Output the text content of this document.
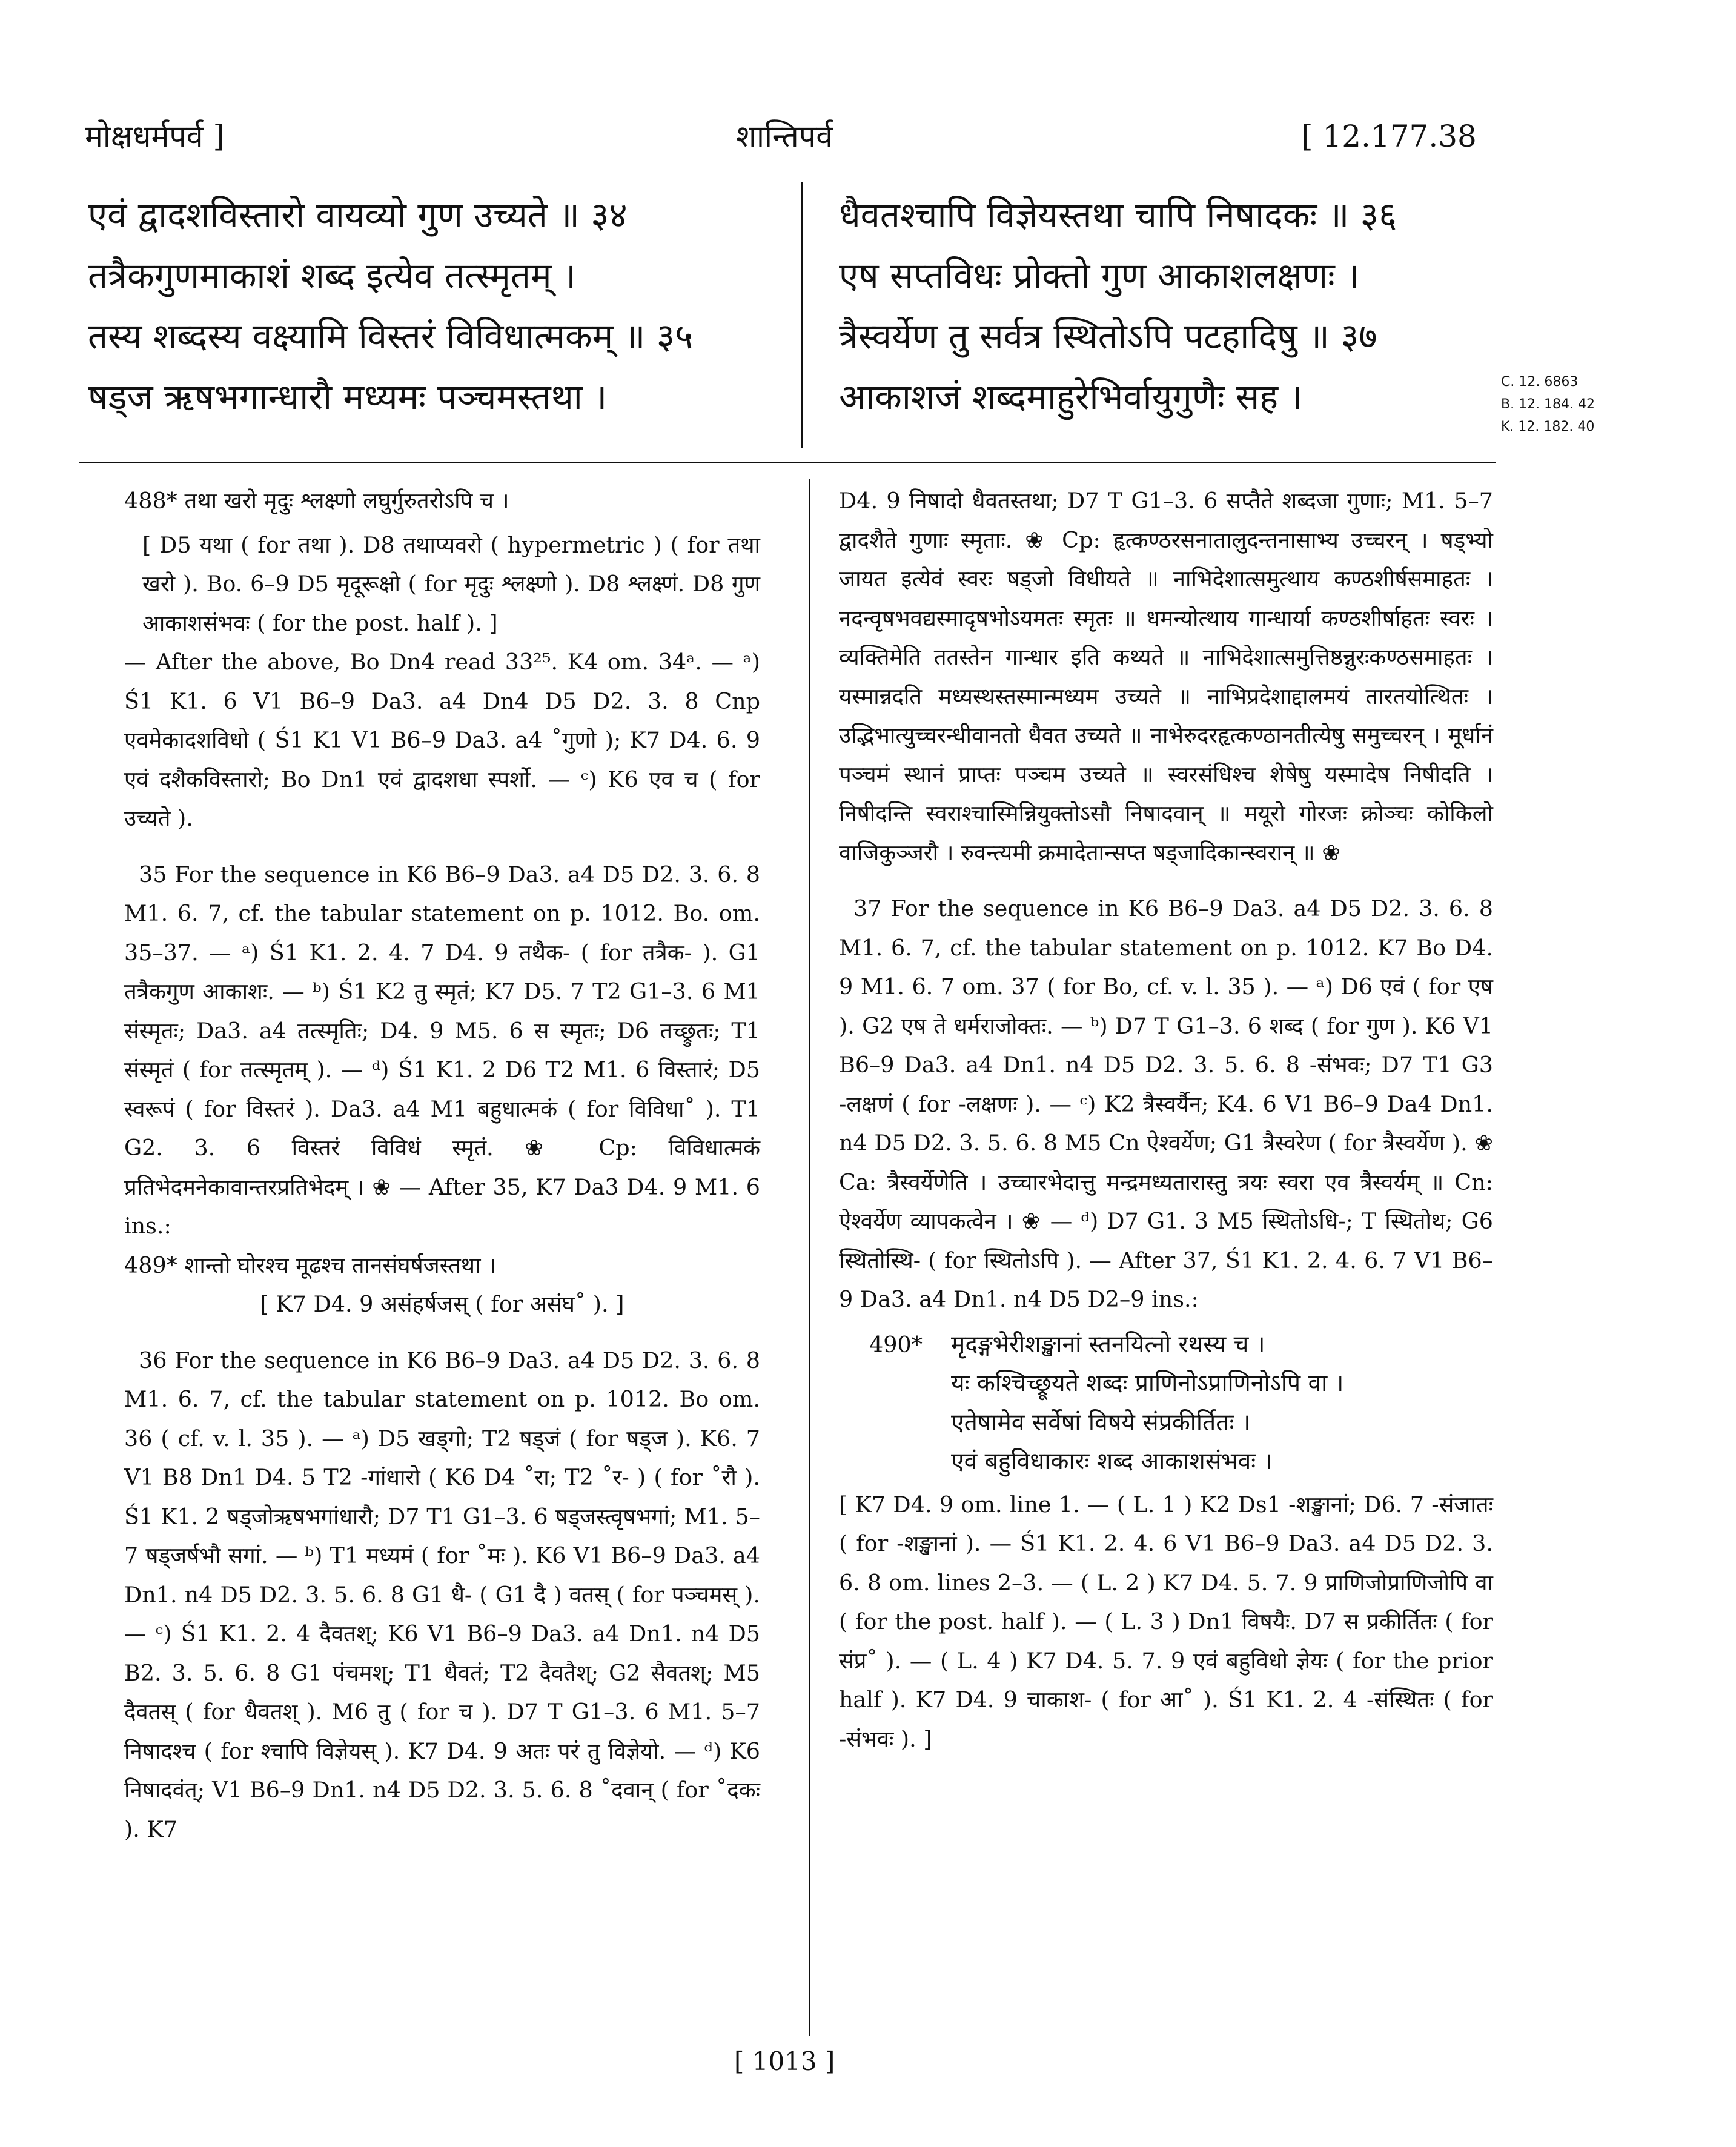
मोक्षधर्मपर्व ]	शान्तिपर्व	[ 12.177.38
एवं द्वादशविस्तारो वायव्यो गुण उच्यते ॥ ३४
तत्रैकगुणमाकाशं शब्द इत्येव तत्स्मृतम् ।
तस्य शब्दस्य वक्ष्यामि विस्तरं विविधात्मकम् ॥ ३५
षड्ज ऋषभगान्धारौ मध्यमः पञ्चमस्तथा ।
धैवतश्चापि विज्ञेयस्तथा चापि निषादकः ॥ ३६
एष सप्तविधः प्रोक्तो गुण आकाशलक्षणः ।
त्रैस्वर्येण तु सर्वत्र स्थितोऽपि पटहादिषु ॥ ३७
आकाशजं शब्दमाहुरेभिर्वायुगुणैः सह ।	C. 12. 6863
B. 12. 184. 42
K. 12. 182. 40

488* तथा खरो मृदुः श्लक्ष्णो लघुर्गुरुतरोऽपि च ।

[ D5 यथा ( for तथा ). D8 तथाप्यवरो ( hypermetric ) ( for तथा खरो ). Bo. 6–9 D5 मृदूरूक्षो ( for मृदुः श्लक्ष्णो ). D8 श्लक्ष्णं. D8 गुण आकाशसंभवः ( for the post. half ). ]

— After the above, Bo Dn4 read 33²⁵. K4 om. 34ᵃ. — ᵃ) Ś1 K1. 6 V1 B6–9 Da3. a4 Dn4 D5 D2. 3. 8 Cnp एवमेकादशविधो ( Ś1 K1 V1 B6–9 Da3. a4 ˚गुणो ); K7 D4. 6. 9 एवं दशैकविस्तारो; Bo Dn1 एवं द्वादशधा स्पर्शो. — ᶜ) K6 एव च ( for उच्यते ).

35 For the sequence in K6 B6–9 Da3. a4 D5 D2. 3. 6. 8 M1. 6. 7, cf. the tabular statement on p. 1012. Bo. om. 35–37. — ᵃ) Ś1 K1. 2. 4. 7 D4. 9 तथैक- ( for तत्रैक- ). G1 तत्रैकगुण आकाशः. — ᵇ) Ś1 K2 तु स्मृतं; K7 D5. 7 T2 G1–3. 6 M1 संस्मृतः; Da3. a4 तत्स्मृतिः; D4. 9 M5. 6 स स्मृतः; D6 तच्छ्रुतः; T1 संस्मृतं ( for तत्स्मृतम् ). — ᵈ) Ś1 K1. 2 D6 T2 M1. 6 विस्तारं; D5 स्वरूपं ( for विस्तरं ). Da3. a4 M1 बहुधात्मकं ( for विविधा˚ ). T1 G2. 3. 6 विस्तरं विविधं स्मृतं. ❀ Cp: विविधात्मकं प्रतिभेदमनेकावान्तरप्रतिभेदम् । ❀ — After 35, K7 Da3 D4. 9 M1. 6 ins.:

489* शान्तो घोरश्च मूढश्च तानसंघर्षजस्तथा ।

[ K7 D4. 9 असंहर्षजस् ( for असंघ˚ ). ]

36 For the sequence in K6 B6–9 Da3. a4 D5 D2. 3. 6. 8 M1. 6. 7, cf. the tabular statement on p. 1012. Bo om. 36 ( cf. v. l. 35 ). — ᵃ) D5 खड्गो; T2 षड्जं ( for षड्ज ). K6. 7 V1 B8 Dn1 D4. 5 T2 -गांधारो ( K6 D4 ˚रा; T2 ˚र- ) ( for ˚रौ ). Ś1 K1. 2 षड्जोऋषभगांधारौ; D7 T1 G1–3. 6 षड्जस्त्वृषभगां; M1. 5–7 षड्जर्षभौ सगां. — ᵇ) T1 मध्यमं ( for ˚मः ). K6 V1 B6–9 Da3. a4 Dn1. n4 D5 D2. 3. 5. 6. 8 G1 धै- ( G1 दै ) वतस् ( for पञ्चमस् ). — ᶜ) Ś1 K1. 2. 4 दैवतश्; K6 V1 B6–9 Da3. a4 Dn1. n4 D5 B2. 3. 5. 6. 8 G1 पंचमश्; T1 धैवतं; T2 दैवतैश्; G2 सैवतश्; M5 दैवतस् ( for धैवतश् ). M6 तु ( for च ). D7 T G1–3. 6 M1. 5–7 निषादश्च ( for श्चापि विज्ञेयस् ). K7 D4. 9 अतः परं तु विज्ञेयो. — ᵈ) K6 निषादवंत्; V1 B6–9 Dn1. n4 D5 D2. 3. 5. 6. 8 ˚दवान् ( for ˚दकः ). K7

D4. 9 निषादो धैवतस्तथा; D7 T G1–3. 6 सप्तैते शब्दजा गुणाः; M1. 5–7 द्वादशैते गुणाः स्मृताः. ❀ Cp: हृत्कण्ठरसनातालुदन्तनासाभ्य उच्चरन् । षड्भ्यो जायत इत्येवं स्वरः षड्जो विधीयते ॥ नाभिदेशात्समुत्थाय कण्ठशीर्षसमाहतः । नदन्वृषभवद्यस्मादृषभोऽयमतः स्मृतः ॥ धमन्योत्थाय गान्धार्या कण्ठशीर्षाहतः स्वरः । व्यक्तिमेति ततस्तेन गान्धार इति कथ्यते ॥ नाभिदेशात्समुत्तिष्ठन्नुरःकण्ठसमाहतः । यस्मान्नदति मध्यस्थस्तस्मान्मध्यम उच्यते ॥ नाभिप्रदेशाद्दालमयं तारतयोत्थितः । उद्भिभात्युच्चरन्धीवानतो धैवत उच्यते ॥ नाभेरुदरहृत्कण्ठानतीत्येषु समुच्चरन् । मूर्धानं पञ्चमं स्थानं प्राप्तः पञ्चम उच्यते ॥ स्वरसंधिश्च शेषेषु यस्मादेष निषीदति । निषीदन्ति स्वराश्चास्मिन्नियुक्तोऽसौ निषादवान् ॥ मयूरो गोरजः क्रोञ्चः कोकिलो वाजिकुञ्जरौ । रुवन्त्यमी क्रमादेतान्सप्त षड्जादिकान्स्वरान् ॥ ❀

37 For the sequence in K6 B6–9 Da3. a4 D5 D2. 3. 6. 8 M1. 6. 7, cf. the tabular statement on p. 1012. K7 Bo D4. 9 M1. 6. 7 om. 37 ( for Bo, cf. v. l. 35 ). — ᵃ) D6 एवं ( for एष ). G2 एष ते धर्मराजोक्तः. — ᵇ) D7 T G1–3. 6 शब्द ( for गुण ). K6 V1 B6–9 Da3. a4 Dn1. n4 D5 D2. 3. 5. 6. 8 -संभवः; D7 T1 G3 -लक्षणं ( for -लक्षणः ). — ᶜ) K2 त्रैस्वर्यैन; K4. 6 V1 B6–9 Da4 Dn1. n4 D5 D2. 3. 5. 6. 8 M5 Cn ऐश्वर्येण; G1 त्रैस्वरेण ( for त्रैस्वर्येण ). ❀ Ca: त्रैस्वर्येणेति । उच्चारभेदात्तु मन्द्रमध्यतारास्तु त्रयः स्वरा एव त्रैस्वर्यम् ॥ Cn: ऐश्वर्येण व्यापकत्वेन । ❀ — ᵈ) D7 G1. 3 M5 स्थितोऽधि-; T स्थितोथ; G6 स्थितोस्थि- ( for स्थितोऽपि ). — After 37, Ś1 K1. 2. 4. 6. 7 V1 B6–9 Da3. a4 Dn1. n4 D5 D2–9 ins.:

490* मृदङ्गभेरीशङ्खानां स्तनयित्नो रथस्य च ।
यः कश्चिच्छ्रूयते शब्दः प्राणिनोऽप्राणिनोऽपि वा ।
एतेषामेव सर्वेषां विषये संप्रकीर्तितः ।
एवं बहुविधाकारः शब्द आकाशसंभवः ।

[ K7 D4. 9 om. line 1. — ( L. 1 ) K2 Ds1 -शङ्खानां; D6. 7 -संजातः ( for -शङ्खानां ). — Ś1 K1. 2. 4. 6 V1 B6–9 Da3. a4 D5 D2. 3. 6. 8 om. lines 2–3. — ( L. 2 ) K7 D4. 5. 7. 9 प्राणिजोप्राणिजोपि वा ( for the post. half ). — ( L. 3 ) Dn1 विषयैः. D7 स प्रकीर्तितः ( for संप्र˚ ). — ( L. 4 ) K7 D4. 5. 7. 9 एवं बहुविधो ज्ञेयः ( for the prior half ). K7 D4. 9 चाकाश- ( for आ˚ ). Ś1 K1. 2. 4 -संस्थितः ( for -संभवः ). ]

[ 1013 ]
